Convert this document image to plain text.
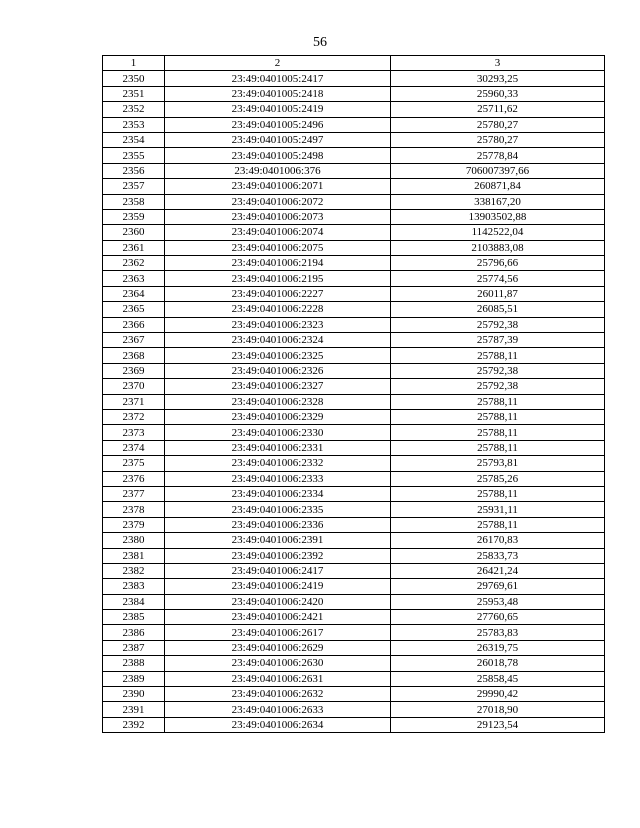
56
1	2	3
2350	23:49:0401005:2417	30293,25
2351	23:49:0401005:2418	25960,33
2352	23:49:0401005:2419	25711,62
2353	23:49:0401005:2496	25780,27
2354	23:49:0401005:2497	25780,27
2355	23:49:0401005:2498	25778,84
2356	23:49:0401006:376	706007397,66
2357	23:49:0401006:2071	260871,84
2358	23:49:0401006:2072	338167,20
2359	23:49:0401006:2073	13903502,88
2360	23:49:0401006:2074	1142522,04
2361	23:49:0401006:2075	2103883,08
2362	23:49:0401006:2194	25796,66
2363	23:49:0401006:2195	25774,56
2364	23:49:0401006:2227	26011,87
2365	23:49:0401006:2228	26085,51
2366	23:49:0401006:2323	25792,38
2367	23:49:0401006:2324	25787,39
2368	23:49:0401006:2325	25788,11
2369	23:49:0401006:2326	25792,38
2370	23:49:0401006:2327	25792,38
2371	23:49:0401006:2328	25788,11
2372	23:49:0401006:2329	25788,11
2373	23:49:0401006:2330	25788,11
2374	23:49:0401006:2331	25788,11
2375	23:49:0401006:2332	25793,81
2376	23:49:0401006:2333	25785,26
2377	23:49:0401006:2334	25788,11
2378	23:49:0401006:2335	25931,11
2379	23:49:0401006:2336	25788,11
2380	23:49:0401006:2391	26170,83
2381	23:49:0401006:2392	25833,73
2382	23:49:0401006:2417	26421,24
2383	23:49:0401006:2419	29769,61
2384	23:49:0401006:2420	25953,48
2385	23:49:0401006:2421	27760,65
2386	23:49:0401006:2617	25783,83
2387	23:49:0401006:2629	26319,75
2388	23:49:0401006:2630	26018,78
2389	23:49:0401006:2631	25858,45
2390	23:49:0401006:2632	29990,42
2391	23:49:0401006:2633	27018,90
2392	23:49:0401006:2634	29123,54
